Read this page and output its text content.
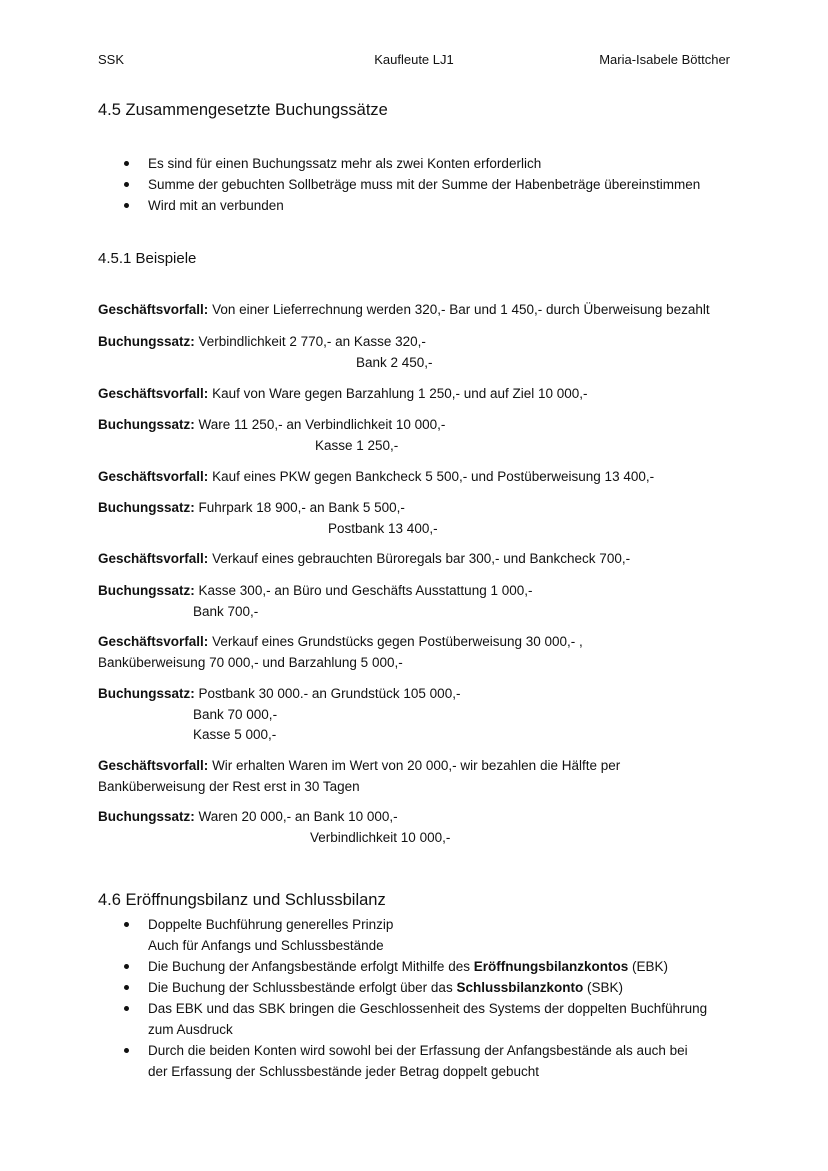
SSK	Kaufleute LJ1	Maria-Isabele Böttcher
4.5 Zusammengesetzte Buchungssätze
Es sind für einen Buchungssatz mehr als zwei Konten erforderlich
Summe der gebuchten Sollbeträge muss mit der Summe der Habenbeträge übereinstimmen
Wird mit an verbunden
4.5.1 Beispiele
Geschäftsvorfall: Von einer Lieferrechnung werden 320,- Bar und 1 450,- durch Überweisung bezahlt
Buchungssatz: Verbindlichkeit 2 770,- an Kasse 320,-
Bank 2 450,-
Geschäftsvorfall: Kauf von Ware gegen Barzahlung 1 250,- und auf Ziel 10 000,-
Buchungssatz: Ware 11 250,- an Verbindlichkeit 10 000,-
Kasse 1 250,-
Geschäftsvorfall: Kauf eines PKW gegen Bankcheck 5 500,- und Postüberweisung 13 400,-
Buchungssatz: Fuhrpark 18 900,- an Bank 5 500,-
Postbank 13 400,-
Geschäftsvorfall: Verkauf eines gebrauchten Büroregals bar 300,- und Bankcheck 700,-
Buchungssatz: Kasse 300,- an Büro und Geschäfts Ausstattung 1 000,-
Bank 700,-
Geschäftsvorfall: Verkauf eines Grundstücks gegen Postüberweisung 30 000,- ,
Banküberweisung 70 000,- und Barzahlung 5 000,-
Buchungssatz: Postbank 30 000.- an Grundstück 105 000,-
Bank 70 000,-
Kasse 5 000,-
Geschäftsvorfall: Wir erhalten Waren im Wert von 20 000,- wir bezahlen die Hälfte per
Banküberweisung der Rest erst in 30 Tagen
Buchungssatz: Waren 20 000,- an Bank 10 000,-
Verbindlichkeit 10 000,-
4.6 Eröffnungsbilanz und Schlussbilanz
Doppelte Buchführung generelles Prinzip
Auch für Anfangs und Schlussbestände
Die Buchung der Anfangsbestände erfolgt Mithilfe des Eröffnungsbilanzkontos (EBK)
Die Buchung der Schlussbestände erfolgt über das Schlussbilanzkonto (SBK)
Das EBK und das SBK bringen die Geschlossenheit des Systems der doppelten Buchführung
zum Ausdruck
Durch die beiden Konten wird sowohl bei der Erfassung der Anfangsbestände als auch bei
der Erfassung der Schlussbestände jeder Betrag doppelt gebucht
